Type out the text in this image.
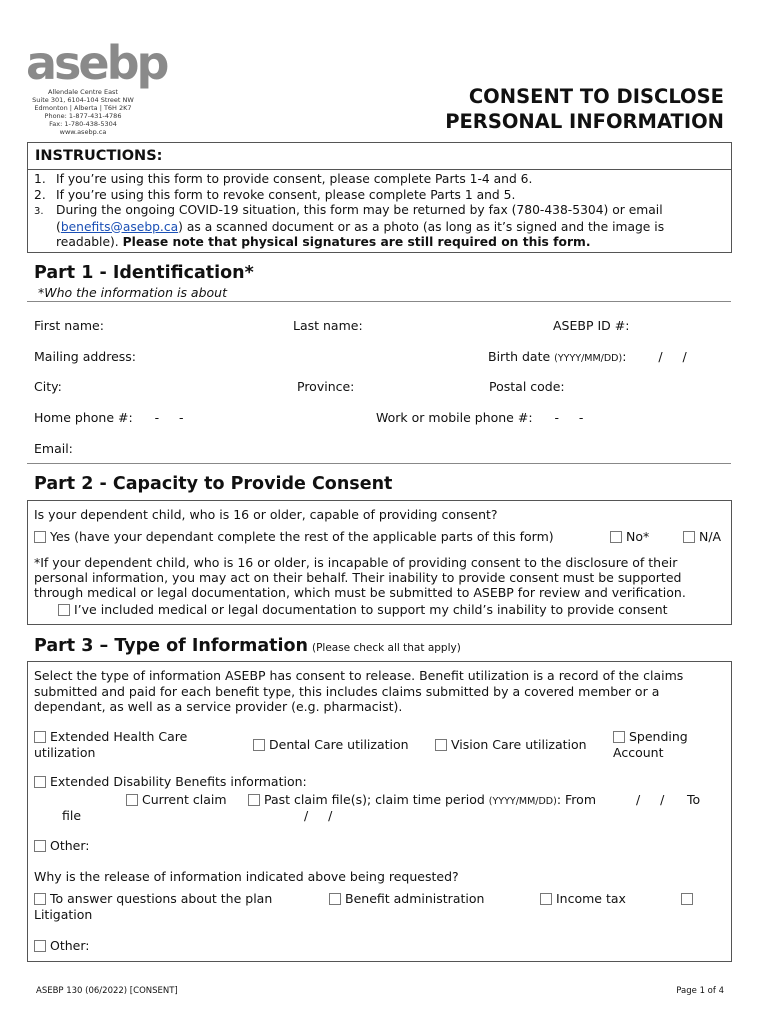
asebp
Allendale Centre East
Suite 301, 6104-104 Street NW
Edmonton | Alberta | T6H 2K7
Phone: 1-877-431-4786
Fax: 1-780-438-5304
www.asebp.ca
CONSENT TO DISCLOSE
PERSONAL INFORMATION
INSTRUCTIONS:
1. If you’re using this form to provide consent, please complete Parts 1-4 and 6.
2. If you’re using this form to revoke consent, please complete Parts 1 and 5.
3. During the ongoing COVID-19 situation, this form may be returned by fax (780-438-5304) or email
(benefits@asebp.ca) as a scanned document or as a photo (as long as it’s signed and the image is
readable). Please note that physical signatures are still required on this form.
Part 1 - Identification*
*Who the information is about
First name:	Last name:	ASEBP ID #:
Mailing address:	Birth date (YYYY/MM/DD):	/     /
City:	Province:	Postal code:
Home phone #: -     -	Work or mobile phone #: -     -
Email:
Part 2 - Capacity to Provide Consent
Is your dependent child, who is 16 or older, capable of providing consent?
Yes (have your dependant complete the rest of the applicable parts of this form)	No*	N/A
*If your dependent child, who is 16 or older, is incapable of providing consent to the disclosure of their
personal information, you may act on their behalf. Their inability to provide consent must be supported
through medical or legal documentation, which must be submitted to ASEBP for review and verification.
I’ve included medical or legal documentation to support my child’s inability to provide consent
Part 3 – Type of Information (Please check all that apply)
Select the type of information ASEBP has consent to release. Benefit utilization is a record of the claims
submitted and paid for each benefit type, this includes claims submitted by a covered member or a
dependant, as well as a service provider (e.g. pharmacist).
Extended Health Care
utilization	Dental Care utilization	Vision Care utilization
Spending
Account
Extended Disability Benefits information:
Current claim	Past claim file(s); claim time period (YYYY/MM/DD): From	/     / To
file	/     /
Other:
Why is the release of information indicated above being requested?
To answer questions about the plan
Litigation
Benefit administration	Income tax
Other:
ASEBP 130 (06/2022) [CONSENT]	Page 1 of 4
